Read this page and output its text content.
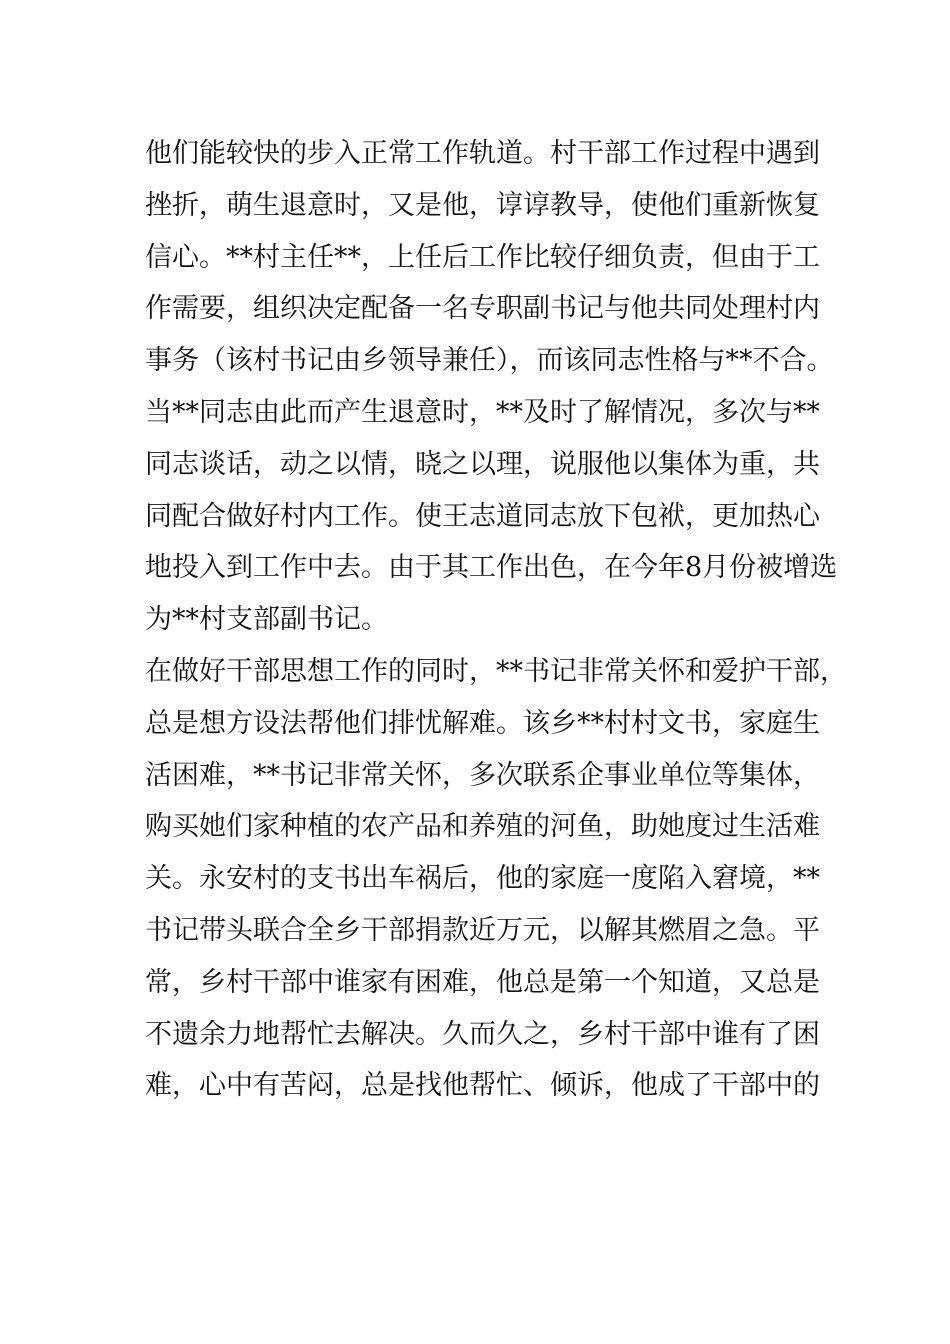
他们能较快的步入正常工作轨道。村干部工作过程中遇到
挫折，萌生退意时，又是他，谆谆教导，使他们重新恢复
信心。**村主任**，上任后工作比较仔细负责，但由于工
作需要，组织决定配备一名专职副书记与他共同处理村内
事务（该村书记由乡领导兼任），而该同志性格与**不合。
当**同志由此而产生退意时，**及时了解情况，多次与**
同志谈话，动之以情，晓之以理，说服他以集体为重，共
同配合做好村内工作。使王志道同志放下包袱，更加热心
地投入到工作中去。由于其工作出色，在今年8月份被增选
为**村支部副书记。
在做好干部思想工作的同时，**书记非常关怀和爱护干部，
总是想方设法帮他们排忧解难。该乡**村村文书，家庭生
活困难，**书记非常关怀，多次联系企事业单位等集体，
购买她们家种植的农产品和养殖的河鱼，助她度过生活难
关。永安村的支书出车祸后，他的家庭一度陷入窘境，**
书记带头联合全乡干部捐款近万元，以解其燃眉之急。平
常，乡村干部中谁家有困难，他总是第一个知道，又总是
不遗余力地帮忙去解决。久而久之，乡村干部中谁有了困
难，心中有苦闷，总是找他帮忙、倾诉，他成了干部中的
